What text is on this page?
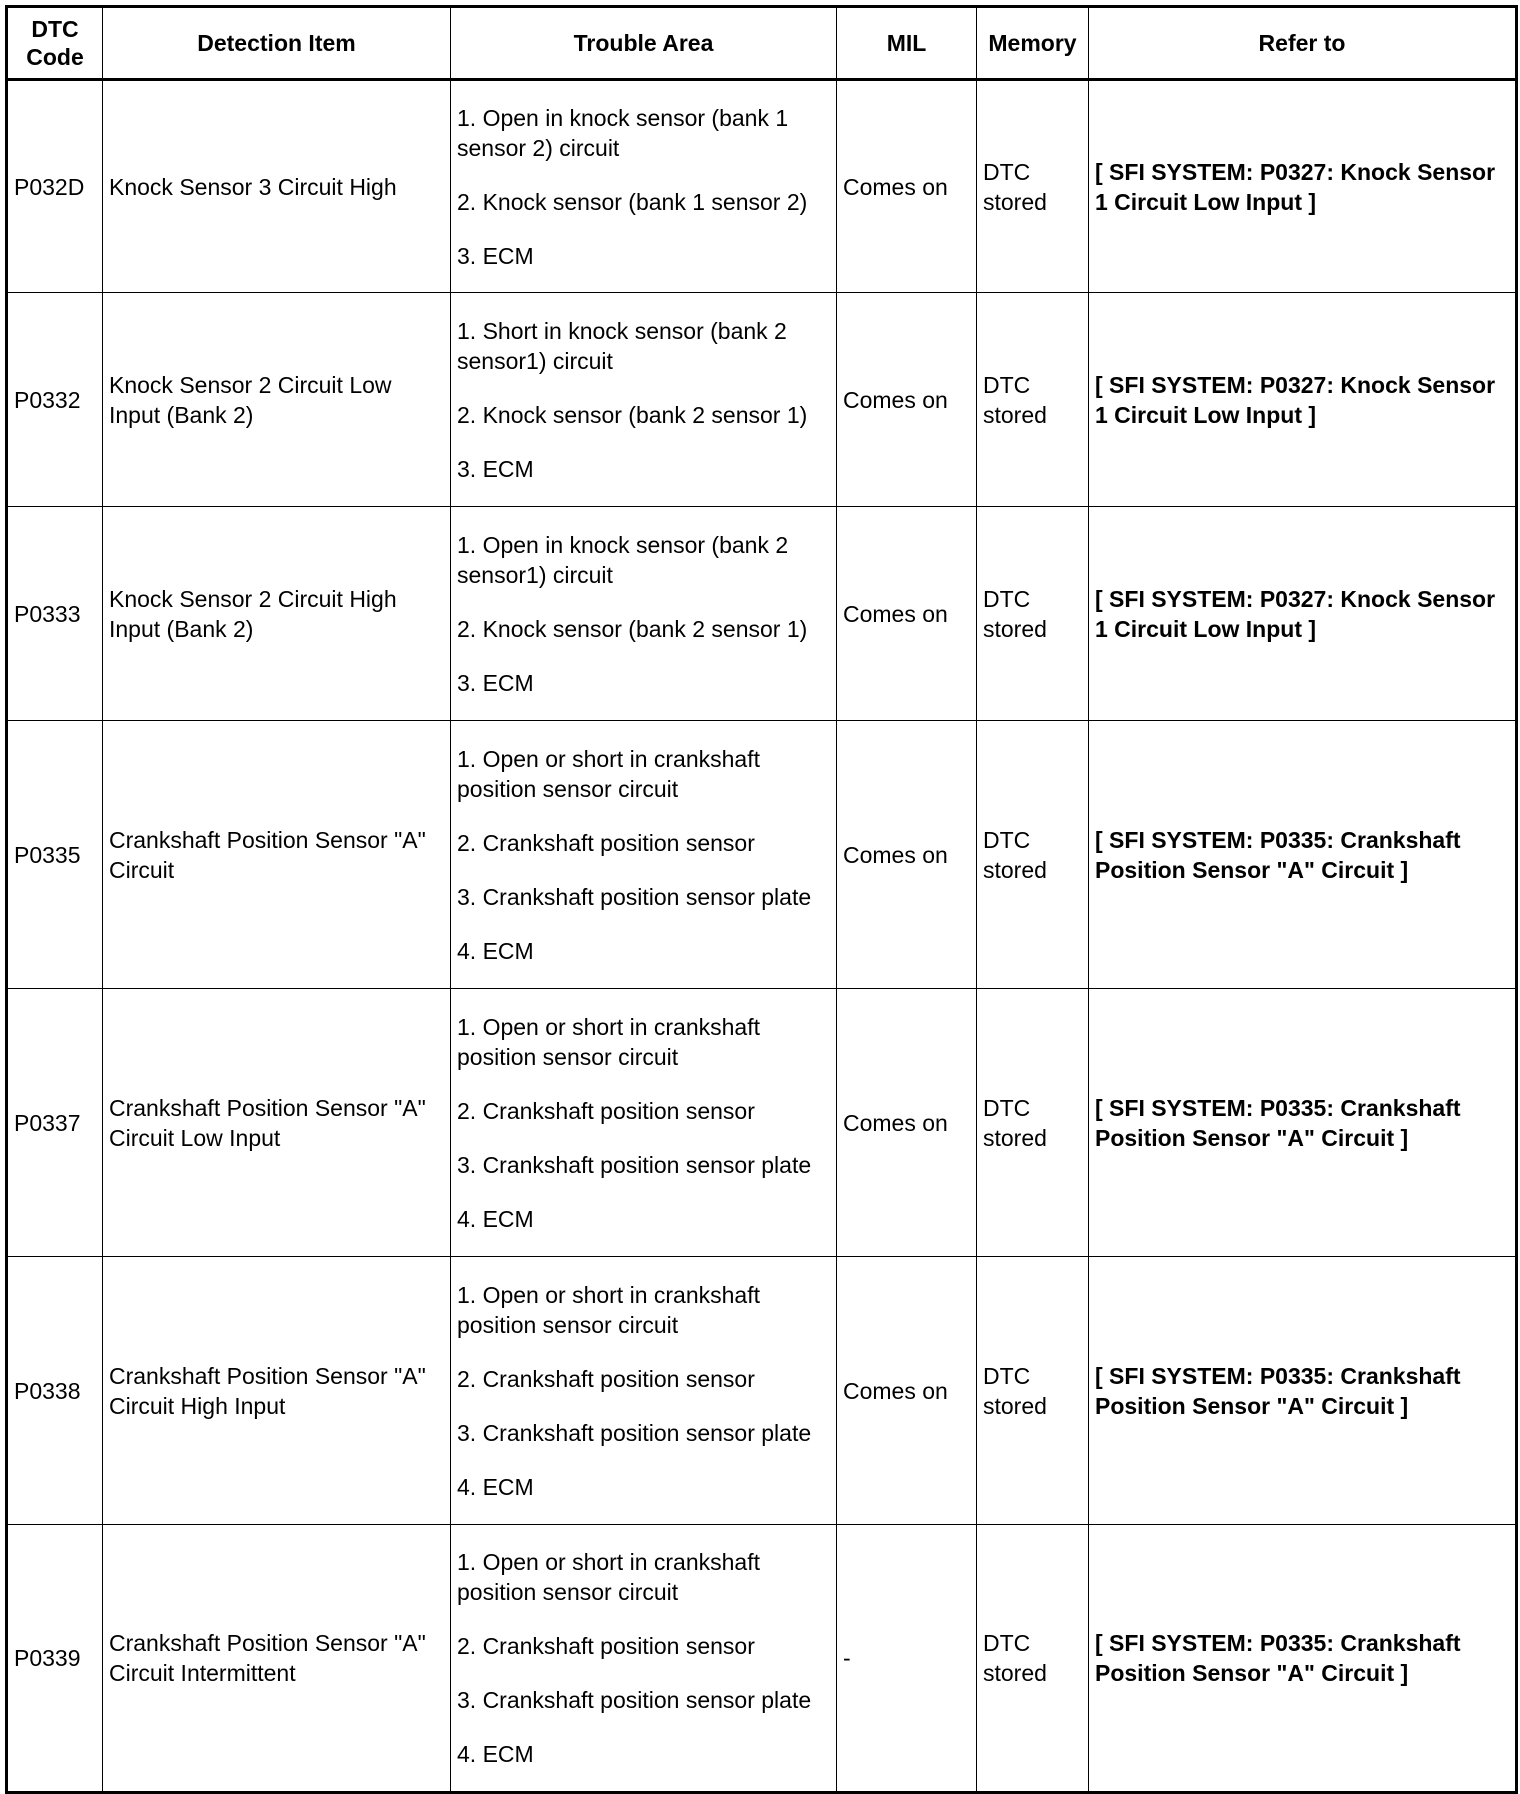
DTC Code	Detection Item	Trouble Area	MIL	Memory	Refer to
P032D	Knock Sensor 3 Circuit High	1. Open in knock sensor (bank 1 sensor 2) circuit
2. Knock sensor (bank 1 sensor 2)
3. ECM	Comes on	DTC stored	[ SFI SYSTEM: P0327: Knock Sensor 1 Circuit Low Input ]
P0332	Knock Sensor 2 Circuit Low Input (Bank 2)	1. Short in knock sensor (bank 2 sensor1) circuit
2. Knock sensor (bank 2 sensor 1)
3. ECM	Comes on	DTC stored	[ SFI SYSTEM: P0327: Knock Sensor 1 Circuit Low Input ]
P0333	Knock Sensor 2 Circuit High Input (Bank 2)	1. Open in knock sensor (bank 2 sensor1) circuit
2. Knock sensor (bank 2 sensor 1)
3. ECM	Comes on	DTC stored	[ SFI SYSTEM: P0327: Knock Sensor 1 Circuit Low Input ]
P0335	Crankshaft Position Sensor "A" Circuit	1. Open or short in crankshaft position sensor circuit
2. Crankshaft position sensor
3. Crankshaft position sensor plate
4. ECM	Comes on	DTC stored	[ SFI SYSTEM: P0335: Crankshaft Position Sensor "A" Circuit ]
P0337	Crankshaft Position Sensor "A" Circuit Low Input	1. Open or short in crankshaft position sensor circuit
2. Crankshaft position sensor
3. Crankshaft position sensor plate
4. ECM	Comes on	DTC stored	[ SFI SYSTEM: P0335: Crankshaft Position Sensor "A" Circuit ]
P0338	Crankshaft Position Sensor "A" Circuit High Input	1. Open or short in crankshaft position sensor circuit
2. Crankshaft position sensor
3. Crankshaft position sensor plate
4. ECM	Comes on	DTC stored	[ SFI SYSTEM: P0335: Crankshaft Position Sensor "A" Circuit ]
P0339	Crankshaft Position Sensor "A" Circuit Intermittent	1. Open or short in crankshaft position sensor circuit
2. Crankshaft position sensor
3. Crankshaft position sensor plate
4. ECM	-	DTC stored	[ SFI SYSTEM: P0335: Crankshaft Position Sensor "A" Circuit ]
